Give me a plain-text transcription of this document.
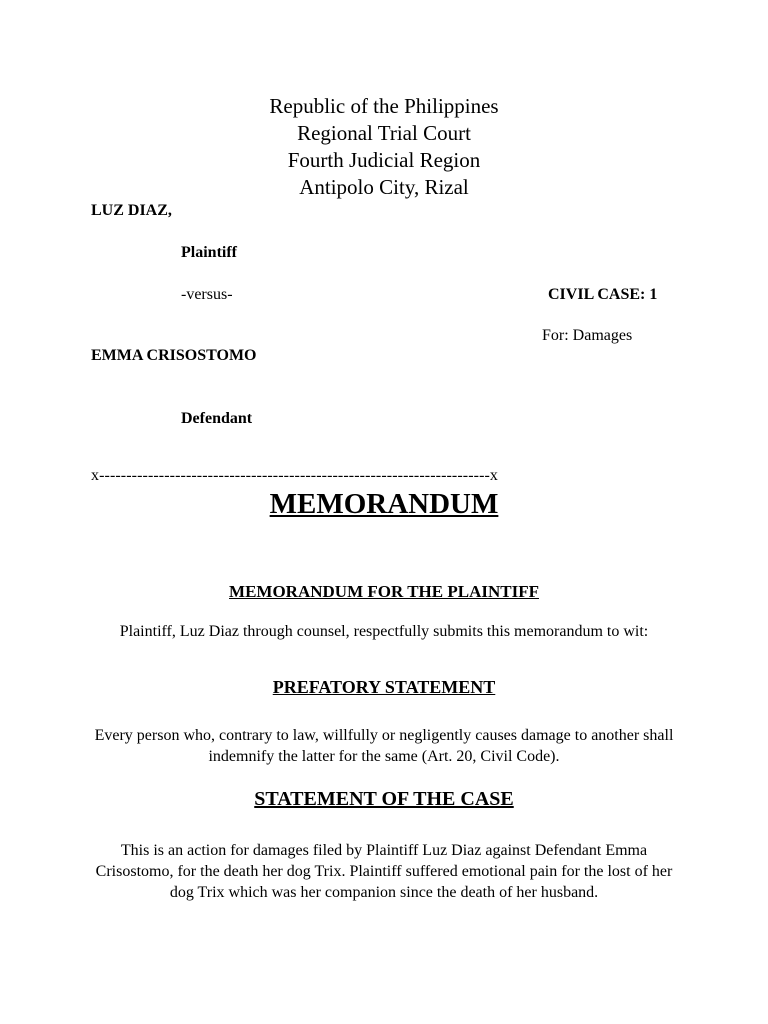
Republic of the Philippines
Regional Trial Court
Fourth Judicial Region
Antipolo City, Rizal
LUZ DIAZ,
Plaintiff
-versus-	CIVIL CASE: 1
For: Damages
EMMA CRISOSTOMO
Defendant
x------------------------------------------------------------------------x
MEMORANDUM
MEMORANDUM FOR THE PLAINTIFF
Plaintiff, Luz Diaz through counsel, respectfully submits this memorandum to wit:
PREFATORY STATEMENT
Every person who, contrary to law, willfully or negligently causes damage to another shall indemnify the latter for the same (Art. 20, Civil Code).
STATEMENT OF THE CASE
This is an action for damages filed by Plaintiff Luz Diaz against Defendant Emma Crisostomo, for the death her dog Trix. Plaintiff suffered emotional pain for the lost of her dog Trix which was her companion since the death of her husband.
